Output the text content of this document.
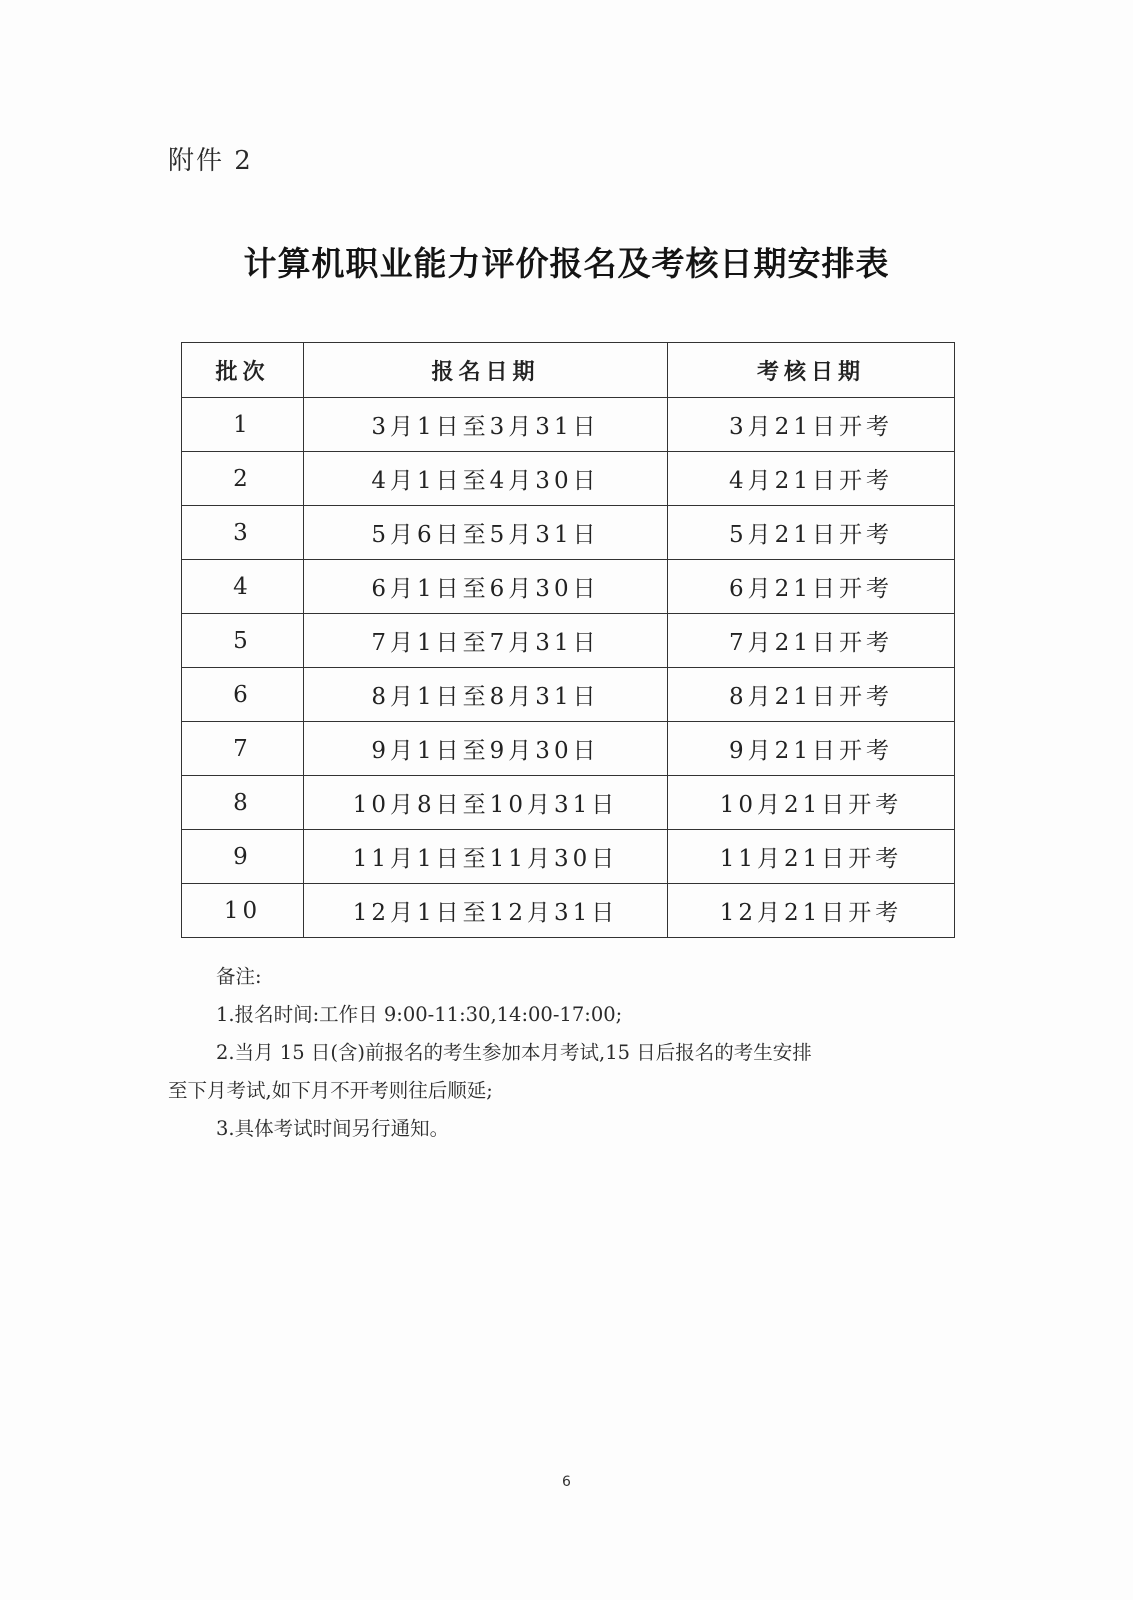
附件 2
计算机职业能力评价报名及考核日期安排表
批次	报名日期	考核日期
1	3月1日至3月31日	3月21日开考
2	4月1日至4月30日	4月21日开考
3	5月6日至5月31日	5月21日开考
4	6月1日至6月30日	6月21日开考
5	7月1日至7月31日	7月21日开考
6	8月1日至8月31日	8月21日开考
7	9月1日至9月30日	9月21日开考
8	10月8日至10月31日	10月21日开考
9	11月1日至11月30日	11月21日开考
10	12月1日至12月31日	12月21日开考
备注:
1.报名时间:工作日 9:00-11:30,14:00-17:00;
2.当月 15 日(含)前报名的考生参加本月考试,15 日后报名的考生安排
至下月考试,如下月不开考则往后顺延;
3.具体考试时间另行通知。
6
